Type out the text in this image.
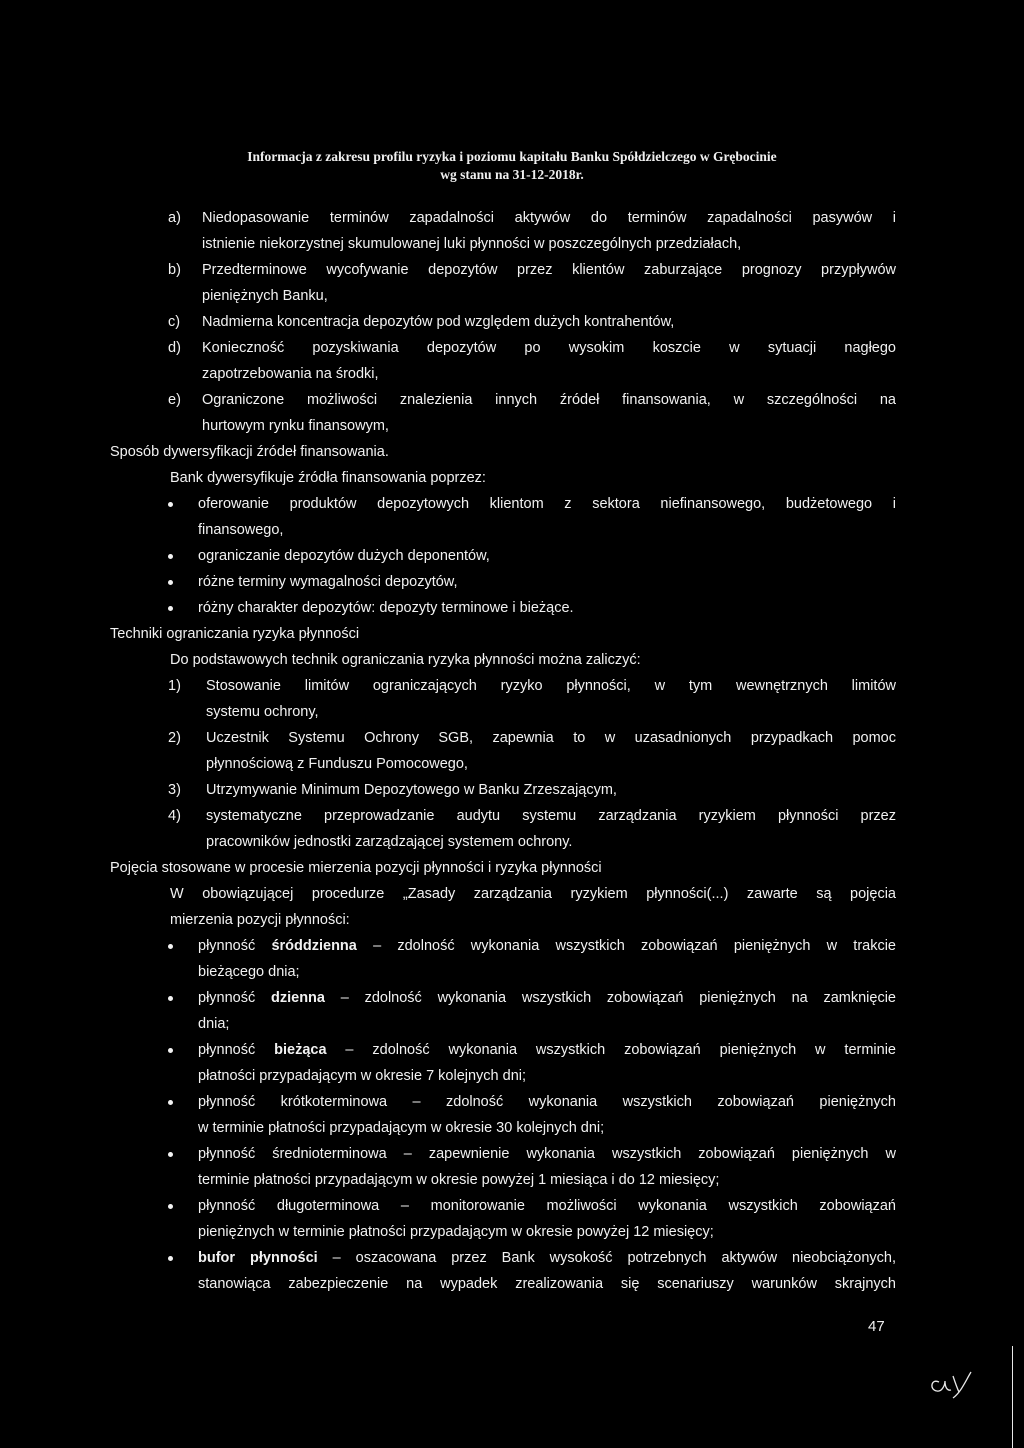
Informacja z zakresu profilu ryzyka i poziomu kapitału Banku Spółdzielczego w Grębocinie
wg stanu na 31-12-2018r.
a) Niedopasowanie terminów zapadalności aktywów do terminów zapadalności pasywów i
istnienie niekorzystnej skumulowanej luki płynności w poszczególnych przedziałach,
b) Przedterminowe wycofywanie depozytów przez klientów zaburzające prognozy przypływów
pieniężnych Banku,
c) Nadmierna koncentracja depozytów pod względem dużych kontrahentów,
d) Konieczność pozyskiwania depozytów po wysokim koszcie w sytuacji nagłego
zapotrzebowania na środki,
e) Ograniczone możliwości znalezienia innych źródeł finansowania, w szczególności na
hurtowym rynku finansowym,
Sposób dywersyfikacji źródeł finansowania.
Bank dywersyfikuje źródła finansowania poprzez:
oferowanie produktów depozytowych klientom z sektora niefinansowego, budżetowego i
finansowego,
ograniczanie depozytów dużych deponentów,
różne terminy wymagalności depozytów,
różny charakter depozytów: depozyty terminowe i bieżące.
Techniki ograniczania ryzyka płynności
Do podstawowych technik ograniczania ryzyka płynności można zaliczyć:
1) Stosowanie limitów ograniczających ryzyko płynności, w tym wewnętrznych limitów
systemu ochrony,
2) Uczestnik Systemu Ochrony SGB, zapewnia to w uzasadnionych przypadkach pomoc
płynnościową z Funduszu Pomocowego,
3) Utrzymywanie Minimum Depozytowego w Banku Zrzeszającym,
4) systematyczne przeprowadzanie audytu systemu zarządzania ryzykiem płynności przez
pracowników jednostki zarządzającej systemem ochrony.
Pojęcia stosowane w procesie mierzenia pozycji płynności i ryzyka płynności
W obowiązującej procedurze „Zasady zarządzania ryzykiem płynności(...) zawarte są pojęcia
mierzenia pozycji płynności:
płynność śróddzienna – zdolność wykonania wszystkich zobowiązań pieniężnych w trakcie
bieżącego dnia;
płynność dzienna – zdolność wykonania wszystkich zobowiązań pieniężnych na zamknięcie
dnia;
płynność bieżąca – zdolność wykonania wszystkich zobowiązań pieniężnych w terminie
płatności przypadającym w okresie 7 kolejnych dni;
płynność krótkoterminowa – zdolność wykonania wszystkich zobowiązań pieniężnych
w terminie płatności przypadającym w okresie 30 kolejnych dni;
płynność średnioterminowa – zapewnienie wykonania wszystkich zobowiązań pieniężnych w
terminie płatności przypadającym w okresie powyżej 1 miesiąca i do 12 miesięcy;
płynność długoterminowa – monitorowanie możliwości wykonania wszystkich zobowiązań
pieniężnych w terminie płatności przypadającym w okresie powyżej 12 miesięcy;
bufor płynności – oszacowana przez Bank wysokość potrzebnych aktywów nieobciążonych,
stanowiąca zabezpieczenie na wypadek zrealizowania się scenariuszy warunków skrajnych
47
